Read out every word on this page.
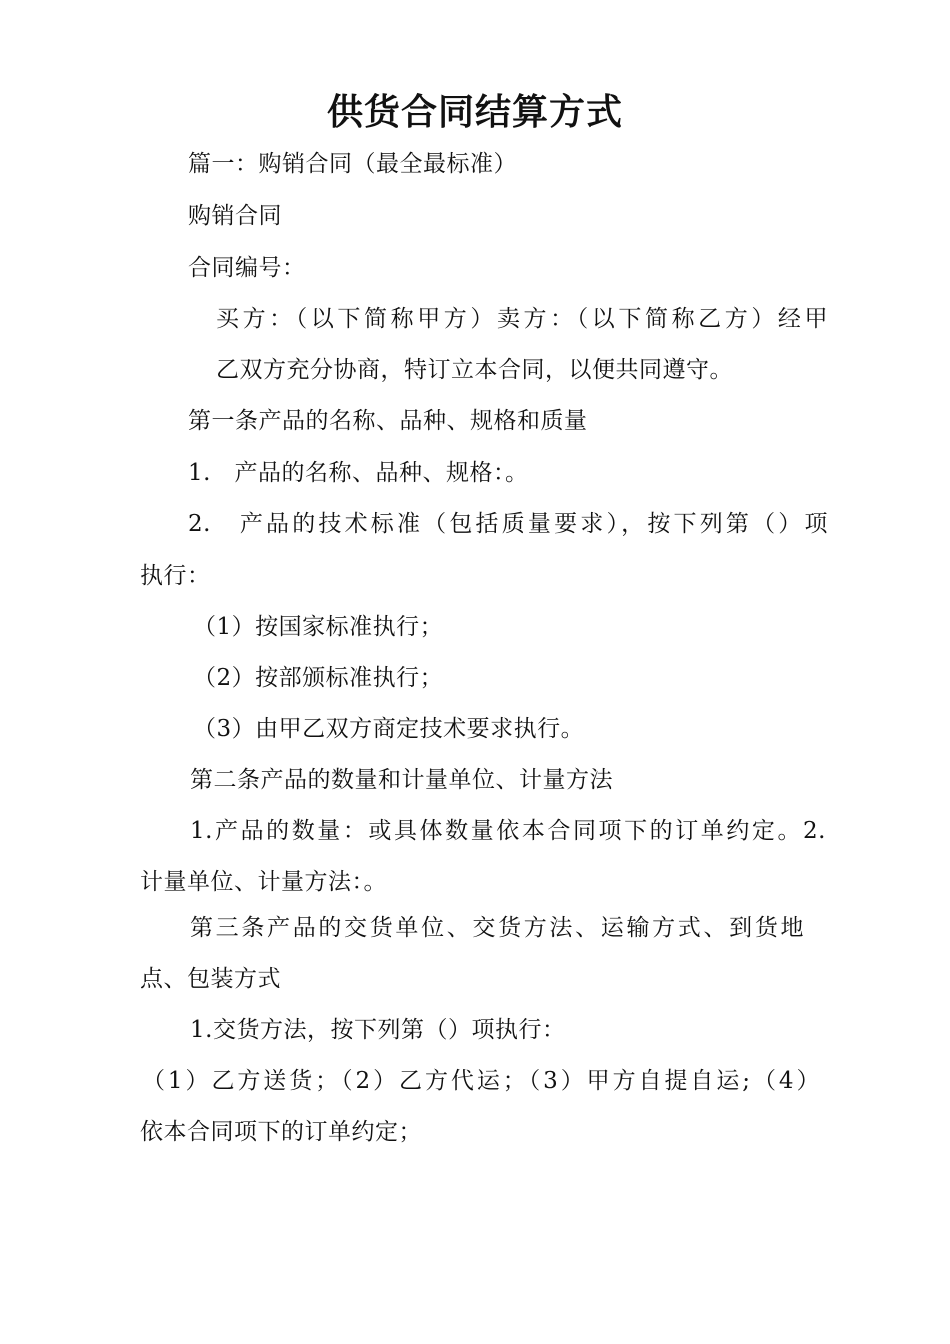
供货合同结算方式
篇一：购销合同（最全最标准）
购销合同
合同编号：
买方：（以下简称甲方）卖方：（以下简称乙方）经甲
乙双方充分协商，特订立本合同，以便共同遵守。
第一条产品的名称、品种、规格和质量
1.　产品的名称、品种、规格：。
2.　产品的技术标准（包括质量要求），按下列第（）项
执行：
（1）按国家标准执行；
（2）按部颁标准执行；
（3）由甲乙双方商定技术要求执行。
第二条产品的数量和计量单位、计量方法
1.产品的数量：或具体数量依本合同项下的订单约定。2.
计量单位、计量方法：。
第三条产品的交货单位、交货方法、运输方式、到货地
点、包装方式
1.交货方法，按下列第（）项执行：
（1）乙方送货；（2）乙方代运；（3）甲方自提自运;（4）
依本合同项下的订单约定；
